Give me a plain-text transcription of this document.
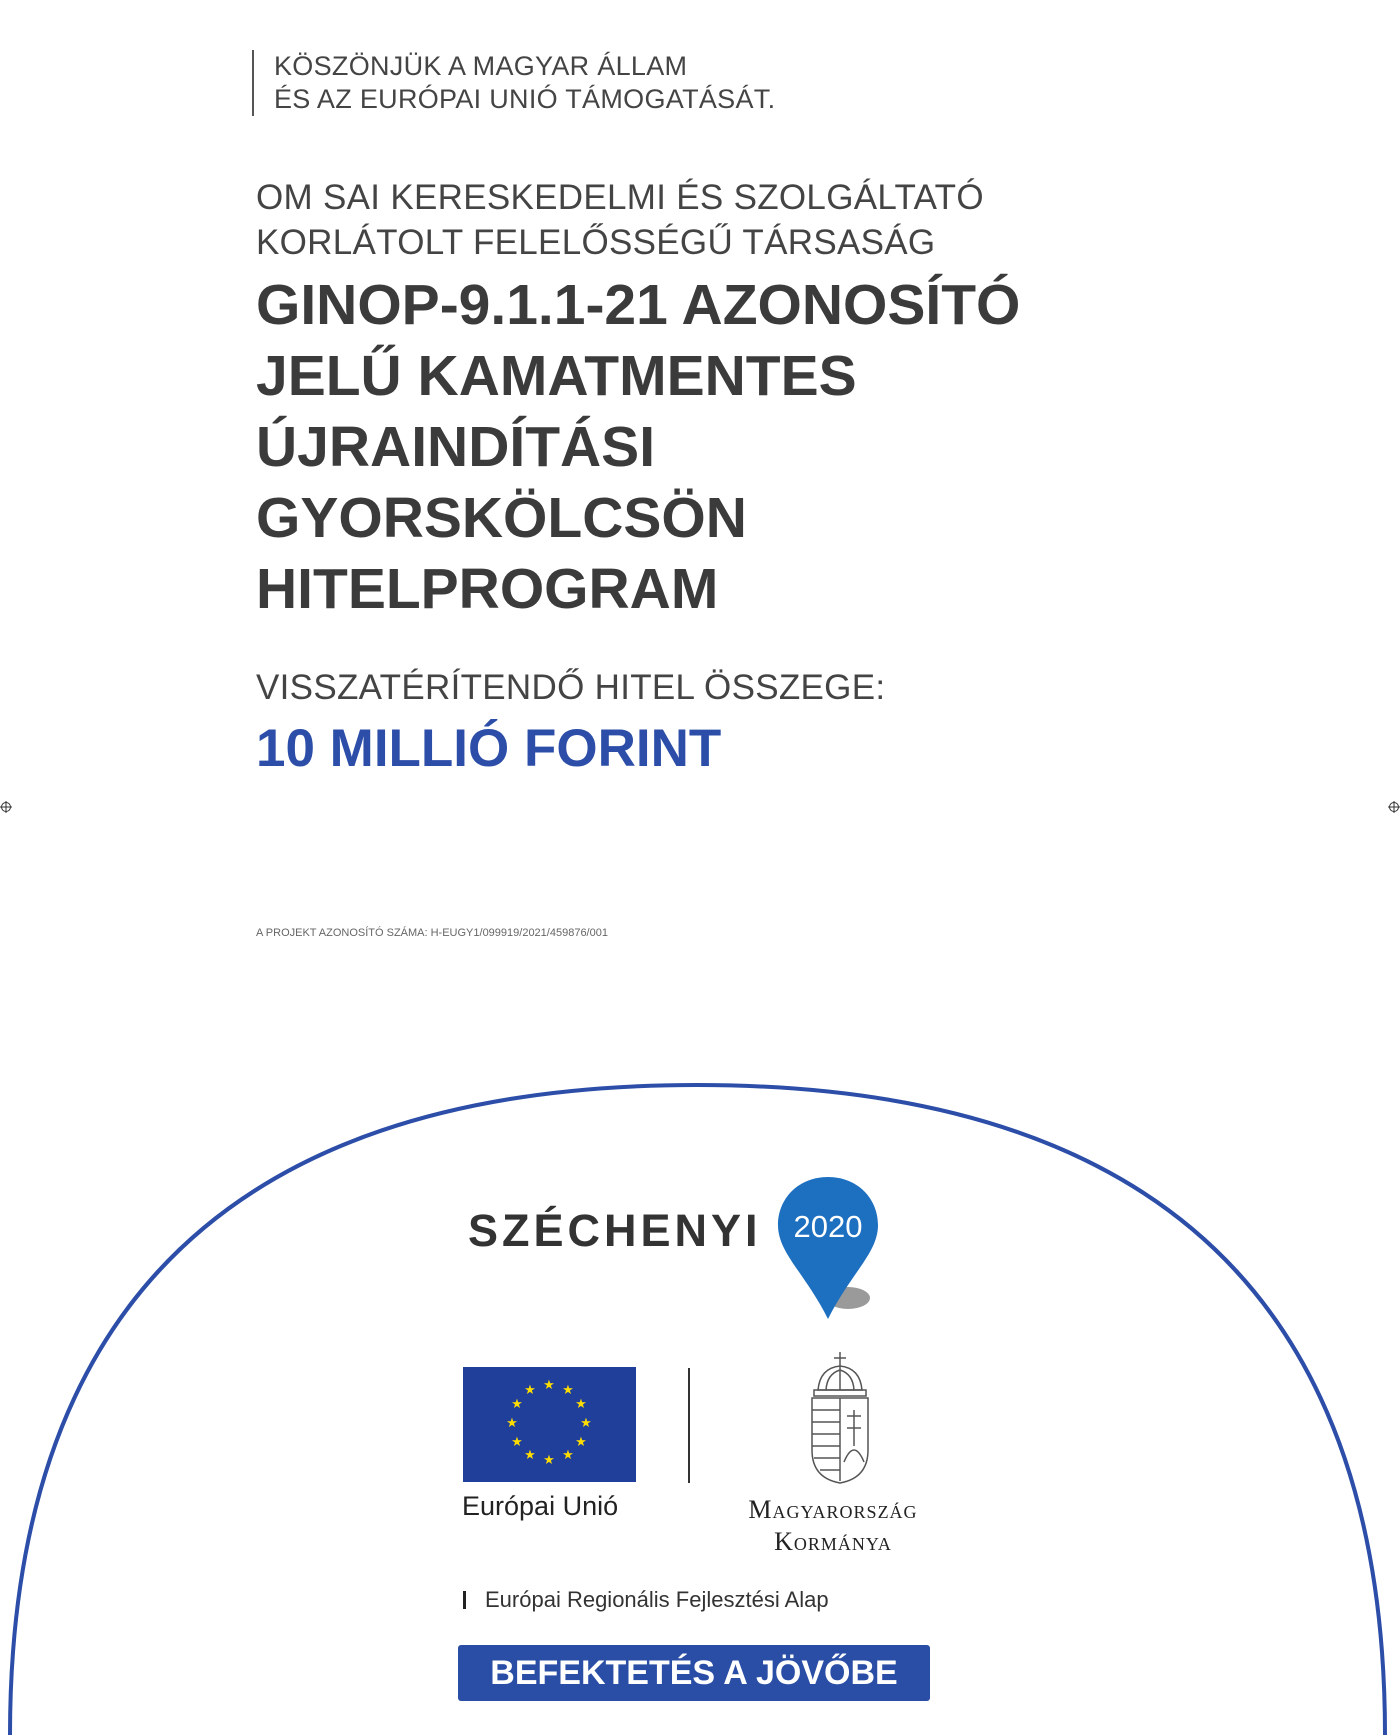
KÖSZÖNJÜK A MAGYAR ÁLLAM
ÉS AZ EURÓPAI UNIÓ TÁMOGATÁSÁT.
OM SAI KERESKEDELMI ÉS SZOLGÁLTATÓ
KORLÁTOLT FELELŐSSÉGŰ TÁRSASÁG
GINOP-9.1.1-21 AZONOSÍTÓ
JELŰ KAMATMENTES
ÚJRAINDÍTÁSI
GYORSKÖLCSÖN
HITELPROGRAM
VISSZATÉRÍTENDŐ HITEL ÖSSZEGE:
10 MILLIÓ FORINT
A PROJEKT AZONOSÍTÓ SZÁMA: H-EUGY1/099919/2021/459876/001
SZÉCHENYI 2020
★ ★
★
★
★
★
★
★
★
★
★
★
Európai Unió	Magyarország
Kormánya
Európai Regionális Fejlesztési Alap
BEFEKTETÉS A JÖVŐBE
